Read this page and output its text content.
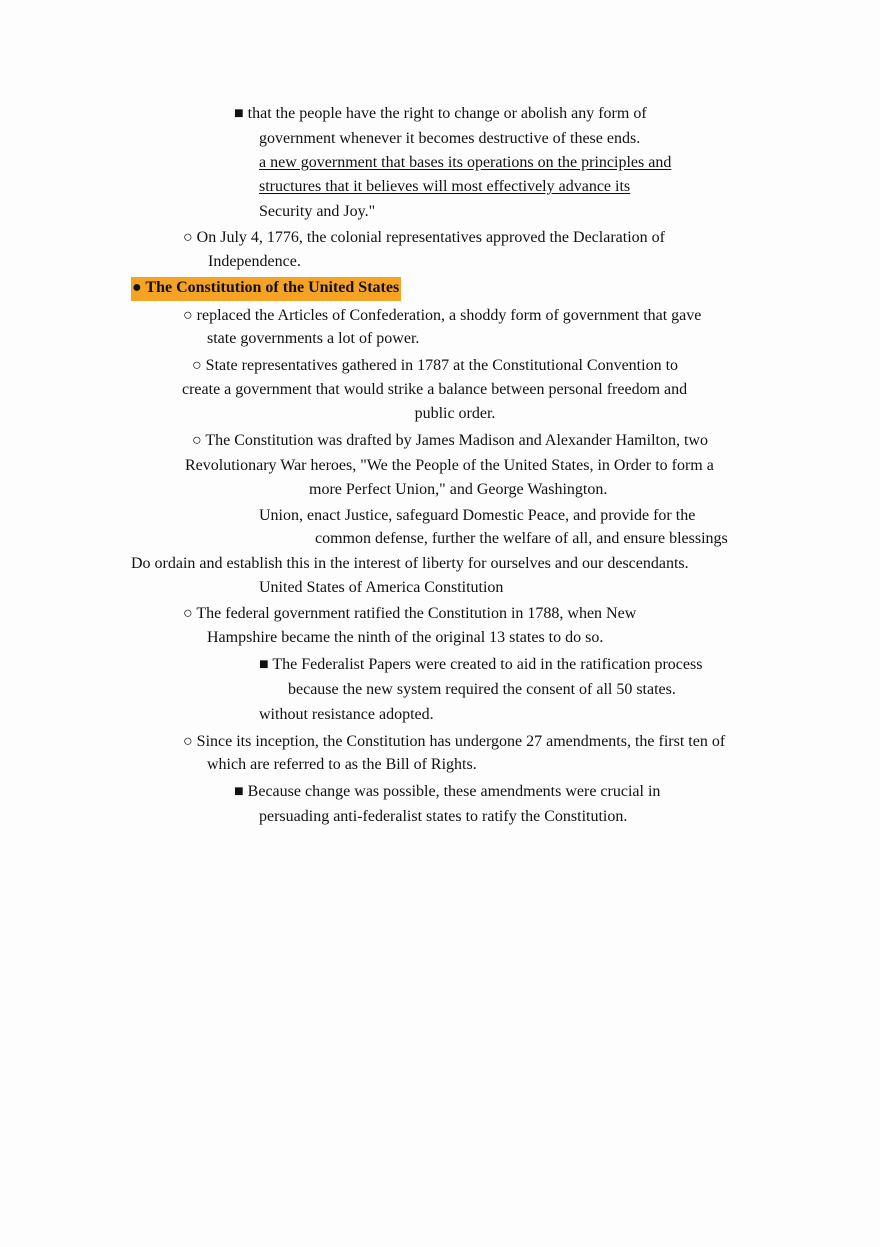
■ that the people have the right to change or abolish any form of
government whenever it becomes destructive of these ends.
a new government that bases its operations on the principles and
structures that it believes will most effectively advance its
Security and Joy."
○ On July 4, 1776, the colonial representatives approved the Declaration of
Independence.
● The Constitution of the United States
○ replaced the Articles of Confederation, a shoddy form of government that gave
state governments a lot of power.
○ State representatives gathered in 1787 at the Constitutional Convention to
create a government that would strike a balance between personal freedom and
public order.
○ The Constitution was drafted by James Madison and Alexander Hamilton, two
Revolutionary War heroes, "We the People of the United States, in Order to form a
more Perfect Union," and George Washington.
Union, enact Justice, safeguard Domestic Peace, and provide for the
common defense, further the welfare of all, and ensure blessings
Do ordain and establish this in the interest of liberty for ourselves and our descendants.
United States of America Constitution
○ The federal government ratified the Constitution in 1788, when New
Hampshire became the ninth of the original 13 states to do so.
■ The Federalist Papers were created to aid in the ratification process
because the new system required the consent of all 50 states.
without resistance adopted.
○ Since its inception, the Constitution has undergone 27 amendments, the first ten of
which are referred to as the Bill of Rights.
■ Because change was possible, these amendments were crucial in
persuading anti-federalist states to ratify the Constitution.
